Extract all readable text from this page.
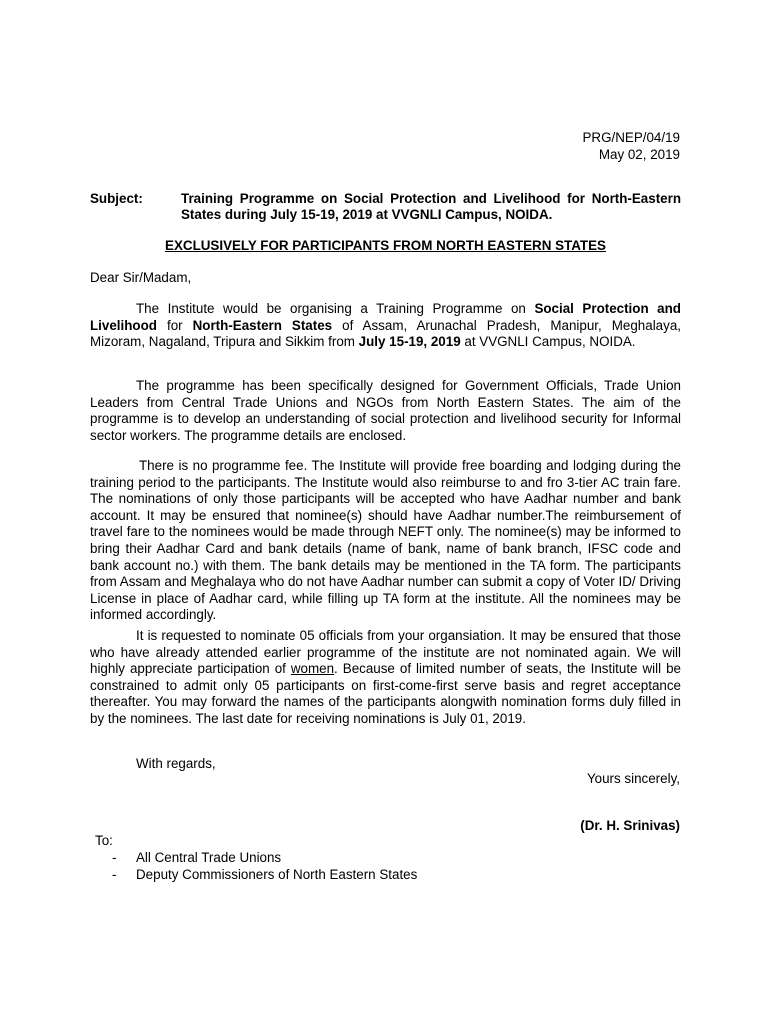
PRG/NEP/04/19
May 02, 2019
Subject:	Training Programme on Social Protection and Livelihood for North-Eastern States during July 15-19, 2019 at VVGNLI Campus, NOIDA.
EXCLUSIVELY FOR PARTICIPANTS FROM NORTH EASTERN STATES

Dear Sir/Madam,

The Institute would be organising a Training Programme on Social Protection and Livelihood for North-Eastern States of Assam, Arunachal Pradesh, Manipur, Meghalaya, Mizoram, Nagaland, Tripura and Sikkim from July 15-19, 2019 at VVGNLI Campus, NOIDA.

The programme has been specifically designed for Government Officials, Trade Union Leaders from Central Trade Unions and NGOs from North Eastern States. The aim of the programme is to develop an understanding of social protection and livelihood security for Informal sector workers. The programme details are enclosed.

There is no programme fee. The Institute will provide free boarding and lodging during the training period to the participants. The Institute would also reimburse to and fro 3-tier AC train fare. The nominations of only those participants will be accepted who have Aadhar number and bank account. It may be ensured that nominee(s) should have Aadhar number.The reimbursement of travel fare to the nominees would be made through NEFT only. The nominee(s) may be informed to bring their Aadhar Card and bank details (name of bank, name of bank branch, IFSC code and bank account no.) with them. The bank details may be mentioned in the TA form. The participants from Assam and Meghalaya who do not have Aadhar number can submit a copy of Voter ID/ Driving License in place of Aadhar card, while filling up TA form at the institute. All the nominees may be informed accordingly.

It is requested to nominate 05 officials from your organsiation. It may be ensured that those who have already attended earlier programme of the institute are not nominated again. We will highly appreciate participation of women. Because of limited number of seats, the Institute will be constrained to admit only 05 participants on first-come-first serve basis and regret acceptance thereafter. You may forward the names of the participants alongwith nomination forms duly filled in by the nominees. The last date for receiving nominations is July 01, 2019.

With regards,
Yours sincerely,
(Dr. H. Srinivas)
To:
-	All Central Trade Unions
-	Deputy Commissioners of North Eastern States
